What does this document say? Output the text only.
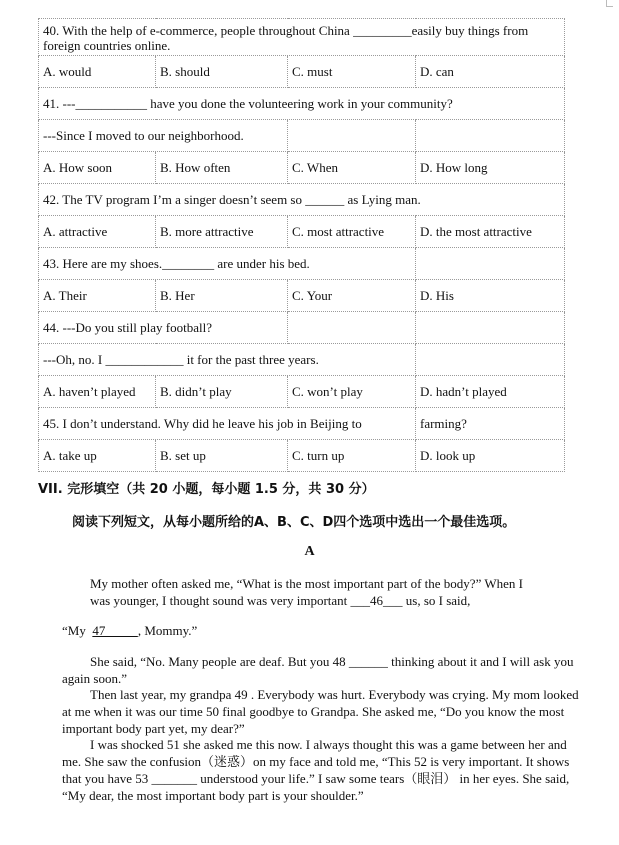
40. With the help of e-commerce, people throughout China _________easily buy things from foreign countries online.			
A. would	B. should	C. must	D. can
41. ---___________ have you done the volunteering work in your community?			
---Since I moved to our neighborhood.			
A. How soon	B. How often	C. When	D. How long
42. The TV program I’m a singer doesn’t seem so ______ as Lying man.			
A. attractive	B. more attractive	C. most attractive	D. the most attractive
43. Here are my shoes.________ are under his bed.			
A. Their	B. Her	C. Your	D. His
44. ---Do you still play football?			
---Oh, no. I ____________ it for the past three years.			
A. haven’t played	B. didn’t play	C. won’t play	D. hadn’t played
45. I don’t understand. Why did he leave his job in Beijing to			farming?
A. take up	B. set up	C. turn up	D. look up
VII. 完形填空（共 20 小题，每小题 1.5 分，共 30 分）
阅读下列短文，从每小题所给的A、B、C、D四个选项中选出一个最佳选项。
A
My mother often asked me, “What is the most important part of the body?” When I
was younger, I thought sound was very important ___46___ us, so I said,
“My  47          , Mommy.”

She said, “No. Many people are deaf. But you 48 ______ thinking about it and I will ask you again soon.”

Then last year, my grandpa 49 . Everybody was hurt. Everybody was crying. My mom looked at me when it was our time 50 final goodbye to Grandpa. She asked me, “Do you know the most important body part yet, my dear?”

I was shocked 51 she asked me this now. I always thought this was a game between her and me. She saw the confusion（迷惑）on my face and told me, “This 52 is very important. It shows that you have 53 _______ understood your life.” I saw some tears（眼泪） in her eyes. She said, “My dear, the most important body part is your shoulder.”
